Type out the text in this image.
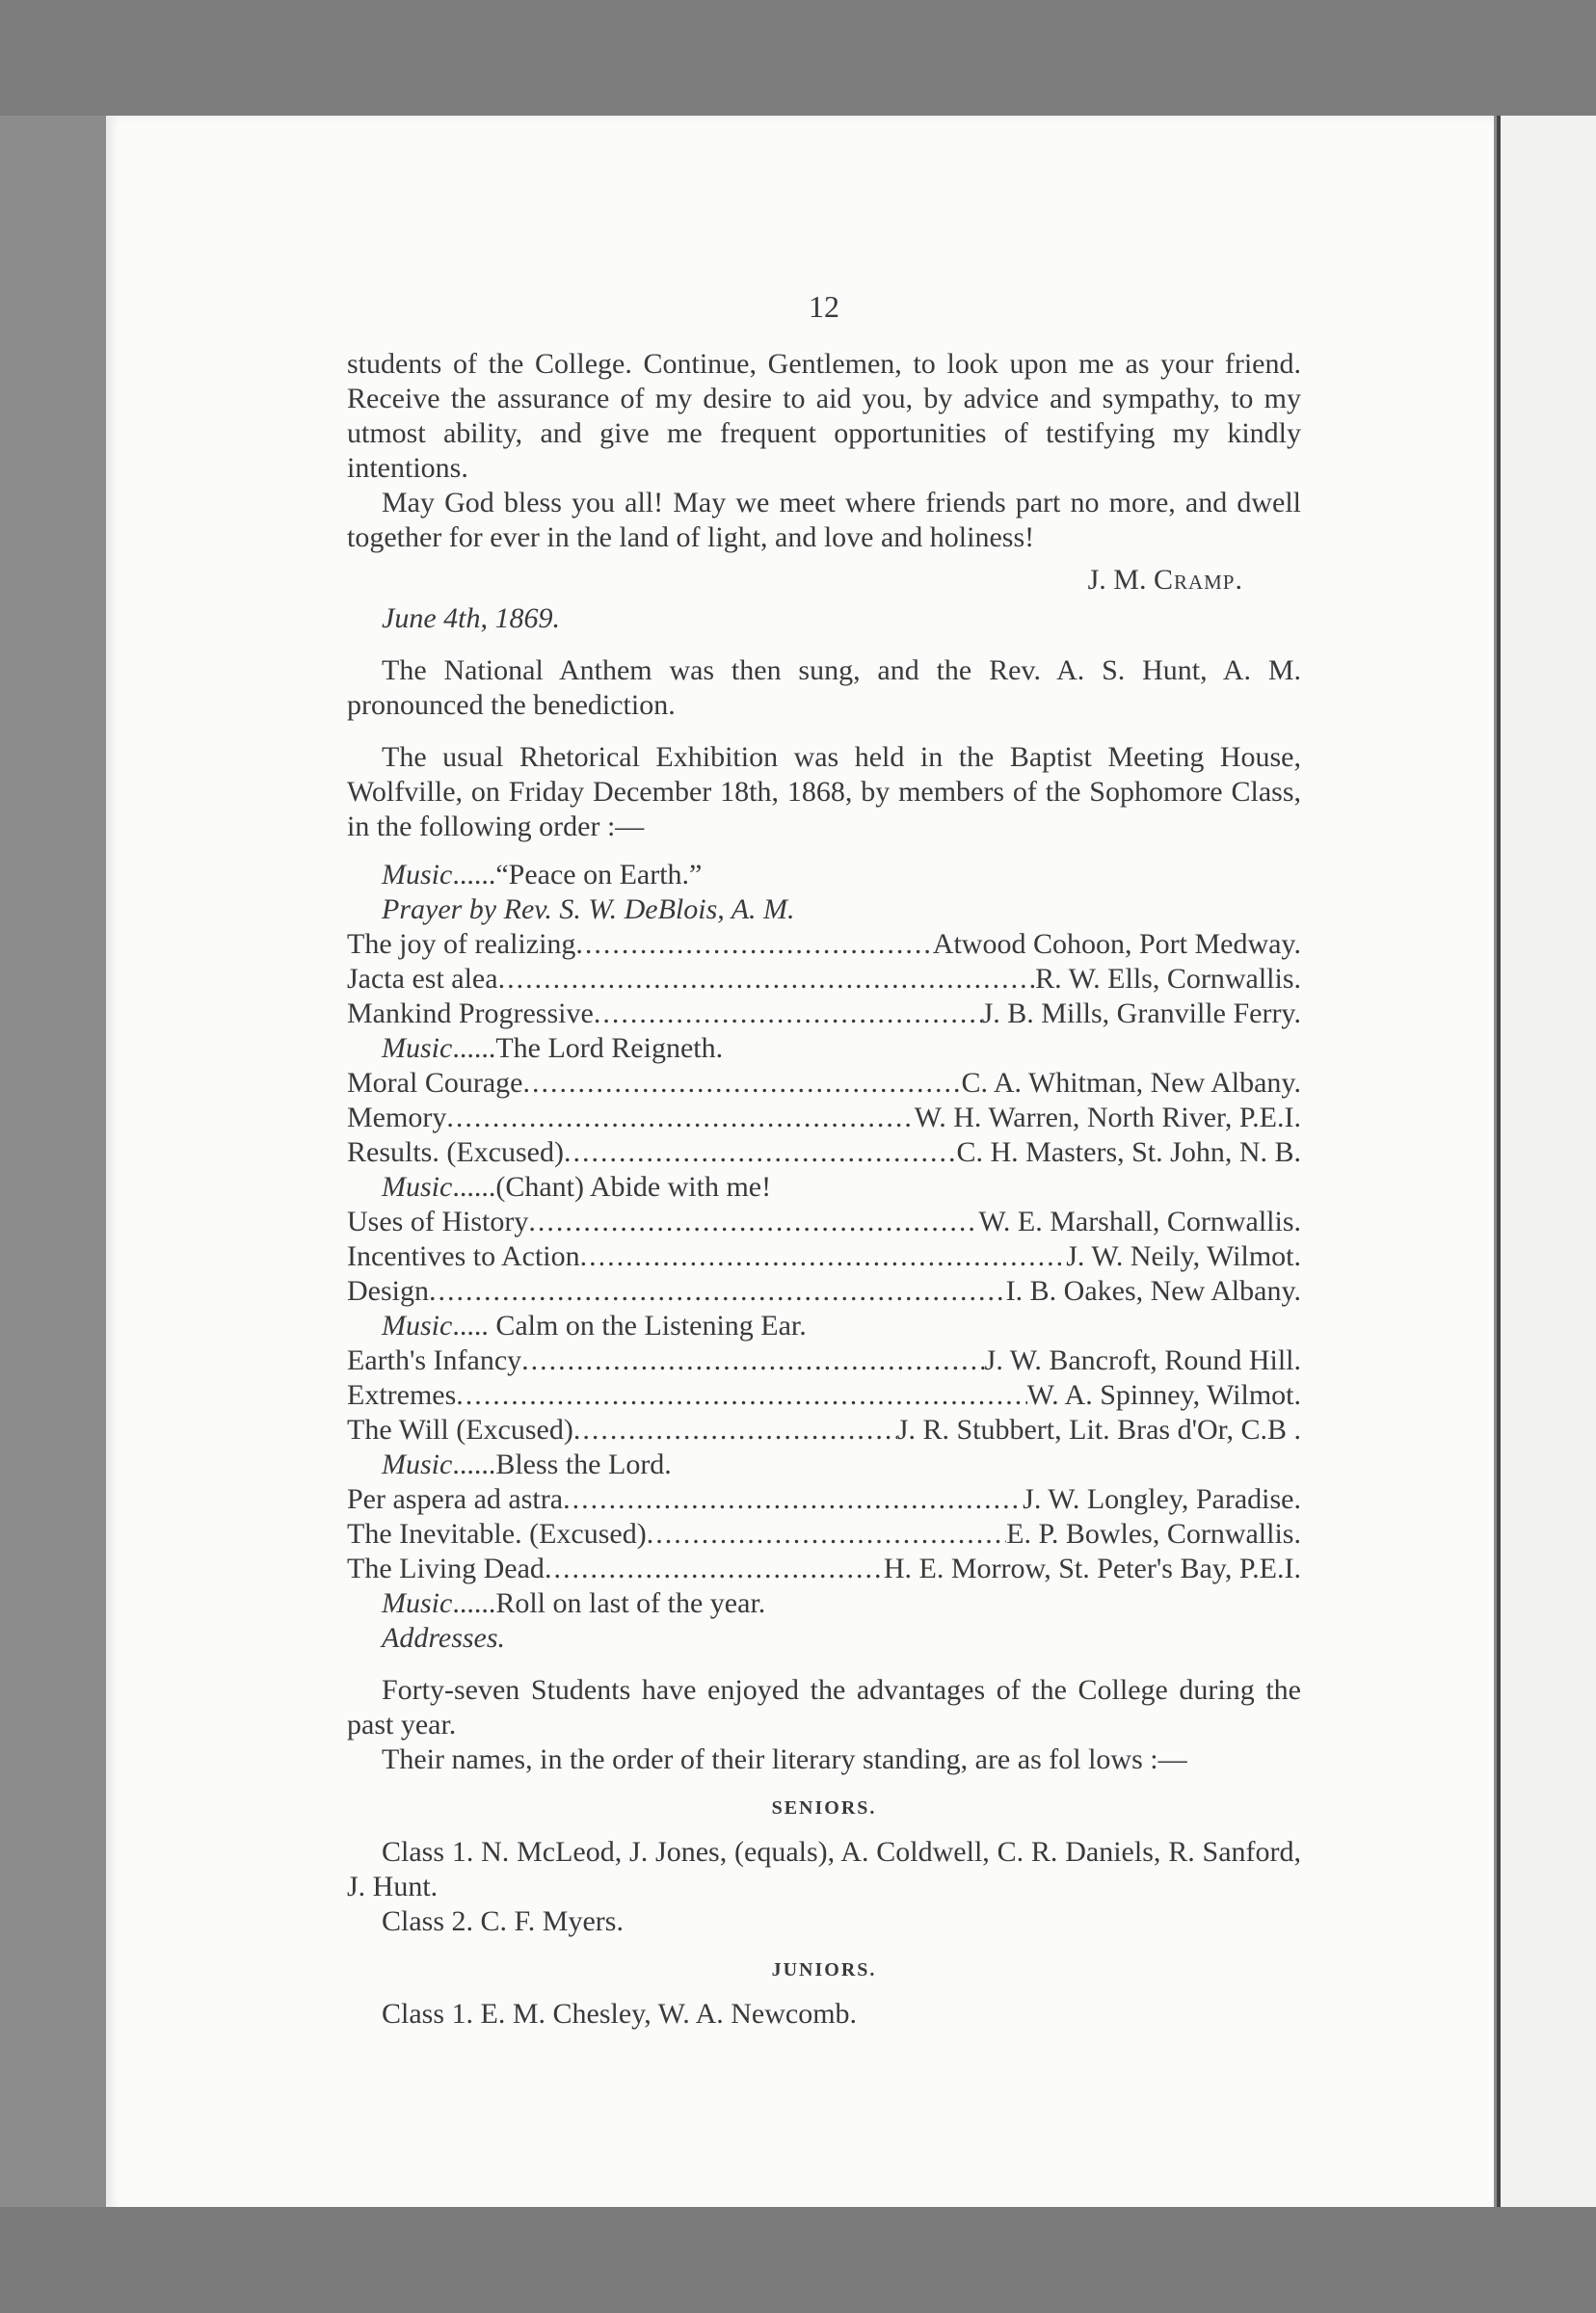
12

students of the College. Continue, Gentlemen, to look upon me as your friend. Receive the assurance of my desire to aid you, by advice and sympathy, to my utmost ability, and give me frequent opportunities of testifying my kindly intentions.

May God bless you all! May we meet where friends part no more, and dwell together for ever in the land of light, and love and holiness!

J. M. Cramp.
June 4th, 1869.

The National Anthem was then sung, and the Rev. A. S. Hunt, A. M. pronounced the benediction.

The usual Rhetorical Exhibition was held in the Baptist Meeting House, Wolfville, on Friday December 18th, 1868, by members of the Sophomore Class, in the following order :—

Music......“Peace on Earth.”
Prayer by Rev. S. W. DeBlois, A. M.
The joy of realizing .....	Atwood Cohoon, Port Medway.
Jacta est alea .....	R. W. Ells, Cornwallis.
Mankind Progressive .....	J. B. Mills, Granville Ferry.
Music......The Lord Reigneth.
Moral Courage .....	C. A. Whitman, New Albany.
Memory .....	W. H. Warren, North River, P.E.I.
Results. (Excused) .....	C. H. Masters, St. John, N. B.
Music......(Chant) Abide with me!
Uses of History .....	W. E. Marshall, Cornwallis.
Incentives to Action .....	J. W. Neily, Wilmot.
Design .....	I. B. Oakes, New Albany.
Music..... Calm on the Listening Ear.
Earth's Infancy .....	J. W. Bancroft, Round Hill.
Extremes .....	W. A. Spinney, Wilmot.
The Will (Excused) .....	J. R. Stubbert, Lit. Bras d'Or, C.B .
Music......Bless the Lord.
Per aspera ad astra .....	J. W. Longley, Paradise.
The Inevitable. (Excused) .....	E. P. Bowles, Cornwallis.
The Living Dead .....	H. E. Morrow, St. Peter's Bay, P.E.I.
Music......Roll on last of the year.
Addresses.

Forty-seven Students have enjoyed the advantages of the College during the past year.

Their names, in the order of their literary standing, are as fol lows :—

SENIORS.

Class 1. N. McLeod, J. Jones, (equals), A. Coldwell, C. R. Daniels, R. Sanford, J. Hunt.

Class 2. C. F. Myers.

JUNIORS.

Class 1. E. M. Chesley, W. A. Newcomb.
